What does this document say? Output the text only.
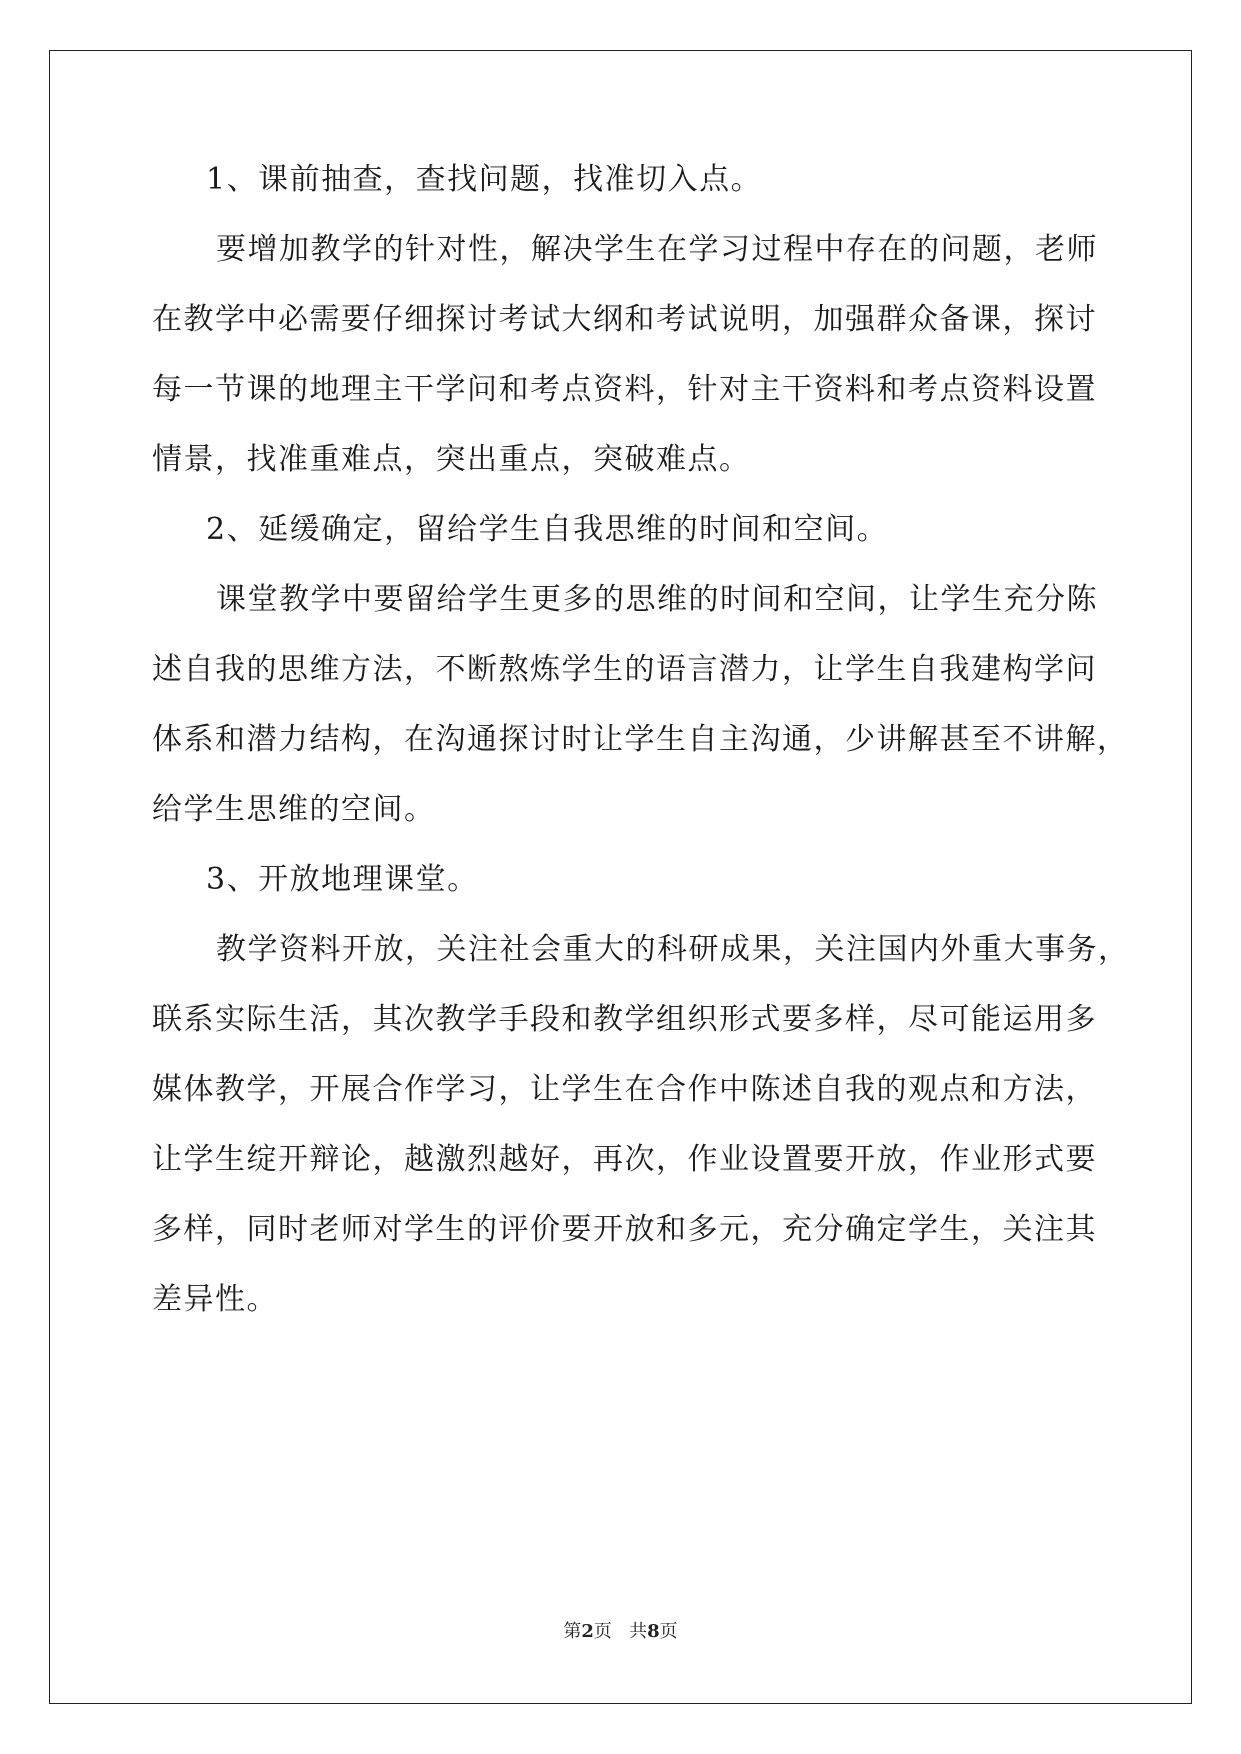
1、课前抽查，查找问题，找准切入点。
要增加教学的针对性，解决学生在学习过程中存在的问题，老师
在教学中必需要仔细探讨考试大纲和考试说明，加强群众备课，探讨
每一节课的地理主干学问和考点资料，针对主干资料和考点资料设置
情景，找准重难点，突出重点，突破难点。
2、延缓确定，留给学生自我思维的时间和空间。
课堂教学中要留给学生更多的思维的时间和空间，让学生充分陈
述自我的思维方法，不断熬炼学生的语言潜力，让学生自我建构学问
体系和潜力结构，在沟通探讨时让学生自主沟通，少讲解甚至不讲解，
给学生思维的空间。
3、开放地理课堂。
教学资料开放，关注社会重大的科研成果，关注国内外重大事务，
联系实际生活，其次教学手段和教学组织形式要多样，尽可能运用多
媒体教学，开展合作学习，让学生在合作中陈述自我的观点和方法，
让学生绽开辩论，越激烈越好，再次，作业设置要开放，作业形式要
多样，同时老师对学生的评价要开放和多元，充分确定学生，关注其
差异性。
第2页 共8页
